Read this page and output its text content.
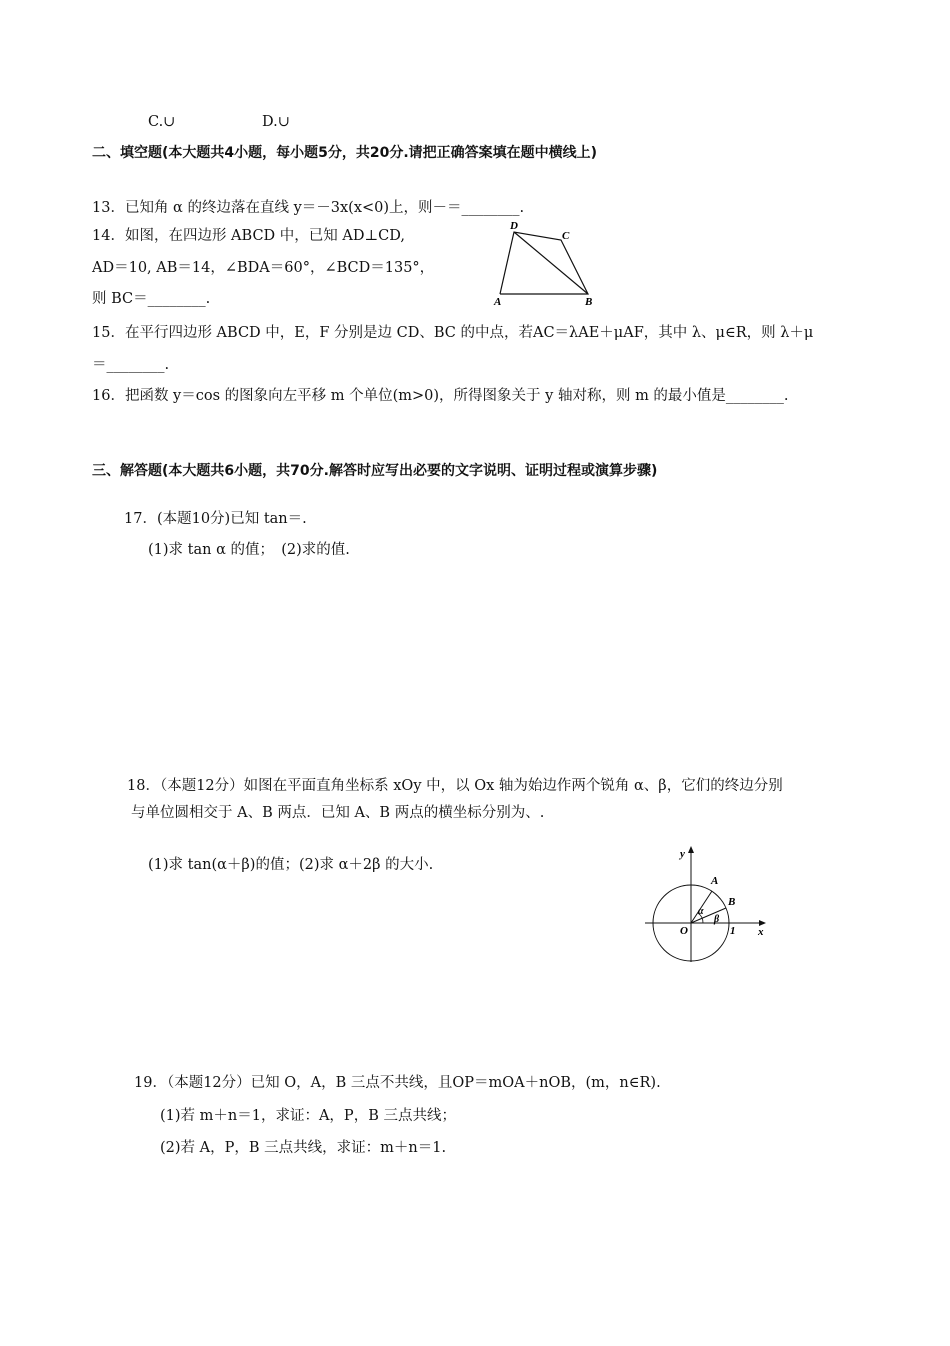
C.∪	D.∪
二、填空题(本大题共4小题，每小题5分，共20分.请把正确答案填在题中横线上)
13．已知角 α 的终边落在直线 y＝－3x(x<0)上，则－＝________.
14．如图，在四边形 ABCD 中，已知 AD⊥CD,
AD＝10, AB＝14，∠BDA＝60°，∠BCD＝135°，
则 BC＝________.
D
C
A	B
15．在平行四边形 ABCD 中，E，F 分别是边 CD、BC 的中点，若AC＝λAE＋μAF，其中 λ、μ∈R，则 λ＋μ
＝________.
16．把函数 y＝cos 的图象向左平移 m 个单位(m>0)，所得图象关于 y 轴对称，则 m 的最小值是________.
三、解答题(本大题共6小题，共70分.解答时应写出必要的文字说明、证明过程或演算步骤)
17．(本题10分)已知 tan＝.
(1)求 tan α 的值；　(2)求的值.
18．（本题12分）如图在平面直角坐标系 xOy 中，以 Ox 轴为始边作两个锐角 α、β，它们的终边分别
与单位圆相交于 A、B 两点．已知 A、B 两点的横坐标分别为、.
(1)求 tan(α＋β)的值；(2)求 α＋2β 的大小.
y
x
O	1
A
B
α
β
19．（本题12分）已知 O，A，B 三点不共线，且OP＝mOA＋nOB，(m，n∈R).
(1)若 m＋n＝1，求证：A，P，B 三点共线；
(2)若 A，P，B 三点共线，求证：m＋n＝1.
